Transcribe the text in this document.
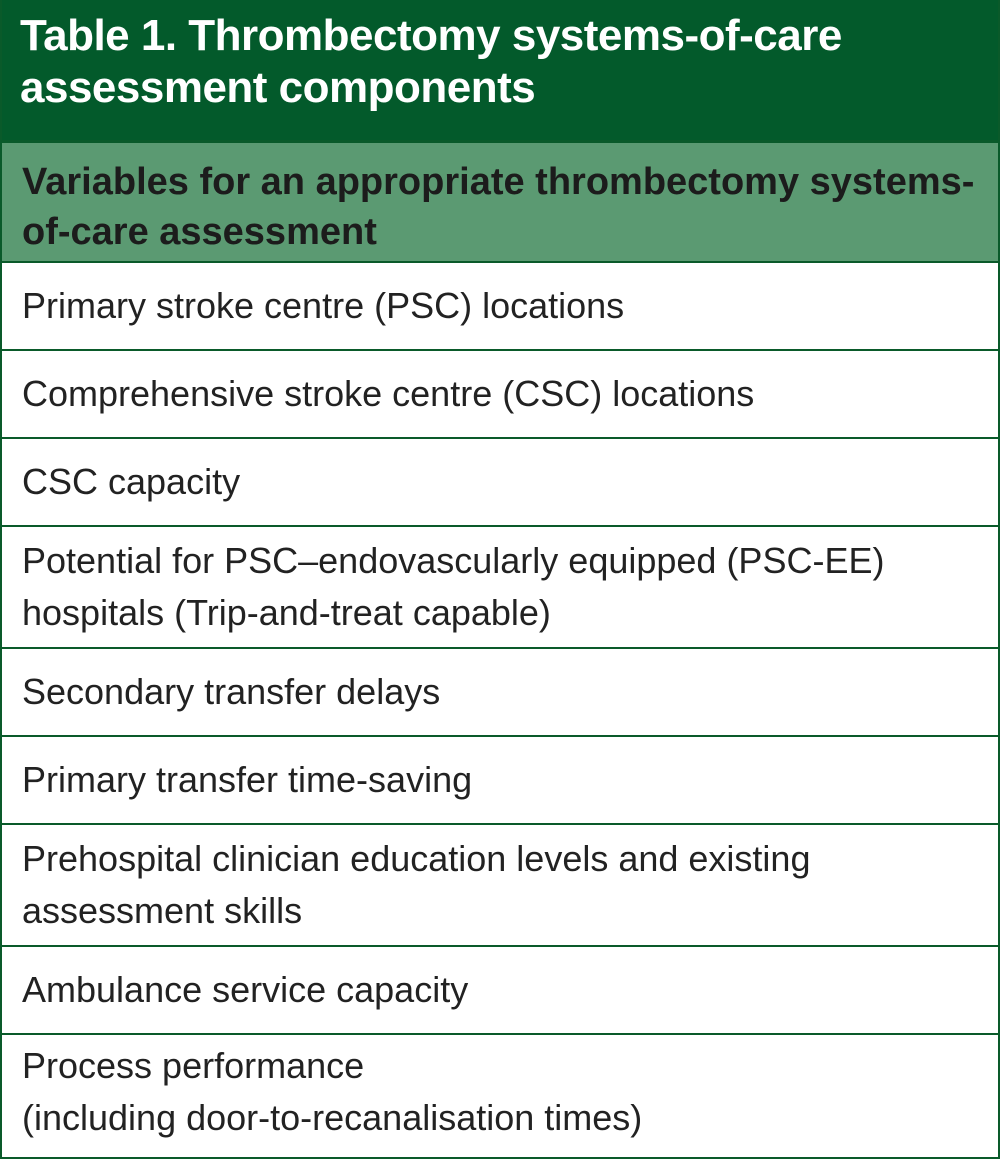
Table 1. Thrombectomy systems-of-care assessment components
Variables for an appropriate thrombectomy systems-of-care assessment
Primary stroke centre (PSC) locations
Comprehensive stroke centre (CSC) locations
CSC capacity
Potential for PSC–endovascularly equipped (PSC-EE) hospitals (Trip-and-treat capable)
Secondary transfer delays
Primary transfer time-saving
Prehospital clinician education levels and existing assessment skills
Ambulance service capacity
Process performance
(including door-to-recanalisation times)
